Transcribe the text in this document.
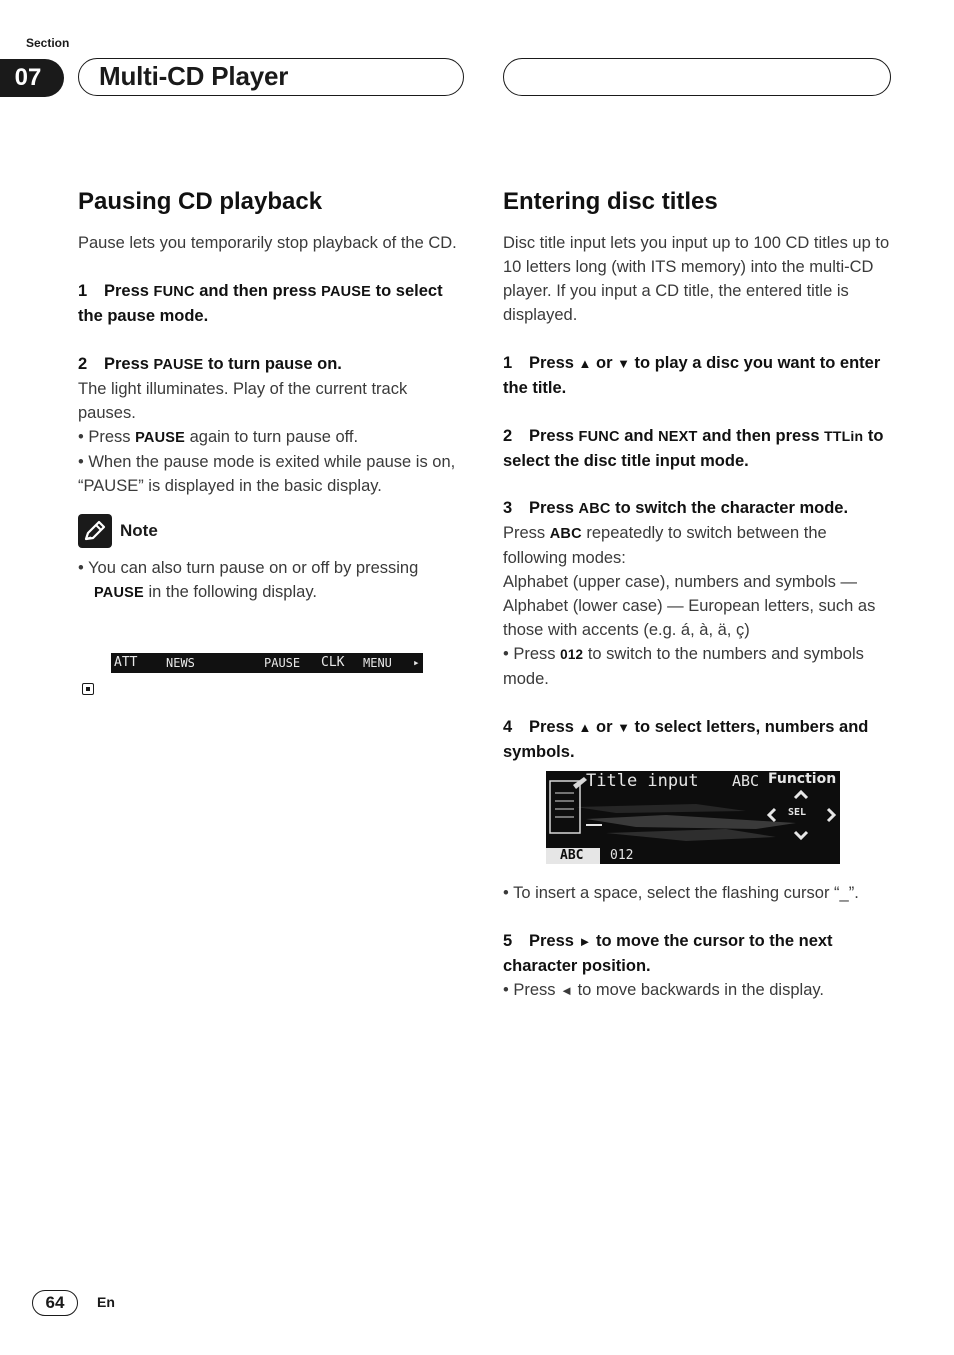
Section
07	Multi-CD Player
Pausing CD playback

Pause lets you temporarily stop playback of the CD.

1 Press FUNC and then press PAUSE to select the pause mode.

2 Press PAUSE to turn pause on.

The light illuminates. Play of the current track pauses.

• Press PAUSE again to turn pause off.

• When the pause mode is exited while pause is on, “PAUSE” is displayed in the basic display.

Note

• You can also turn pause on or off by pressing PAUSE in the following display.

ATT

NEWS

	PAUSE

CLK

MENU

▸

Entering disc titles

Disc title input lets you input up to 100 CD titles up to 10 letters long (with ITS memory) into the multi-CD player. If you input a CD title, the entered title is displayed.

1 Press ▲ or ▼ to play a disc you want to enter the title.

2 Press FUNC and NEXT and then press TTLin to select the disc title input mode.

3 Press ABC to switch the character mode.

Press ABC repeatedly to switch between the following modes:

Alphabet (upper case), numbers and symbols — Alphabet (lower case) — European letters, such as those with accents (e.g. á, à, ä, ç)

• Press 012 to switch to the numbers and symbols mode.

4 Press ▲ or ▼ to select letters, numbers and symbols.

Title input ABC Function
SEL
ABC 012

• To insert a space, select the flashing cursor “_”.

5 Press ► to move the cursor to the next character position.

• Press ◄ to move backwards in the display.

64	En
